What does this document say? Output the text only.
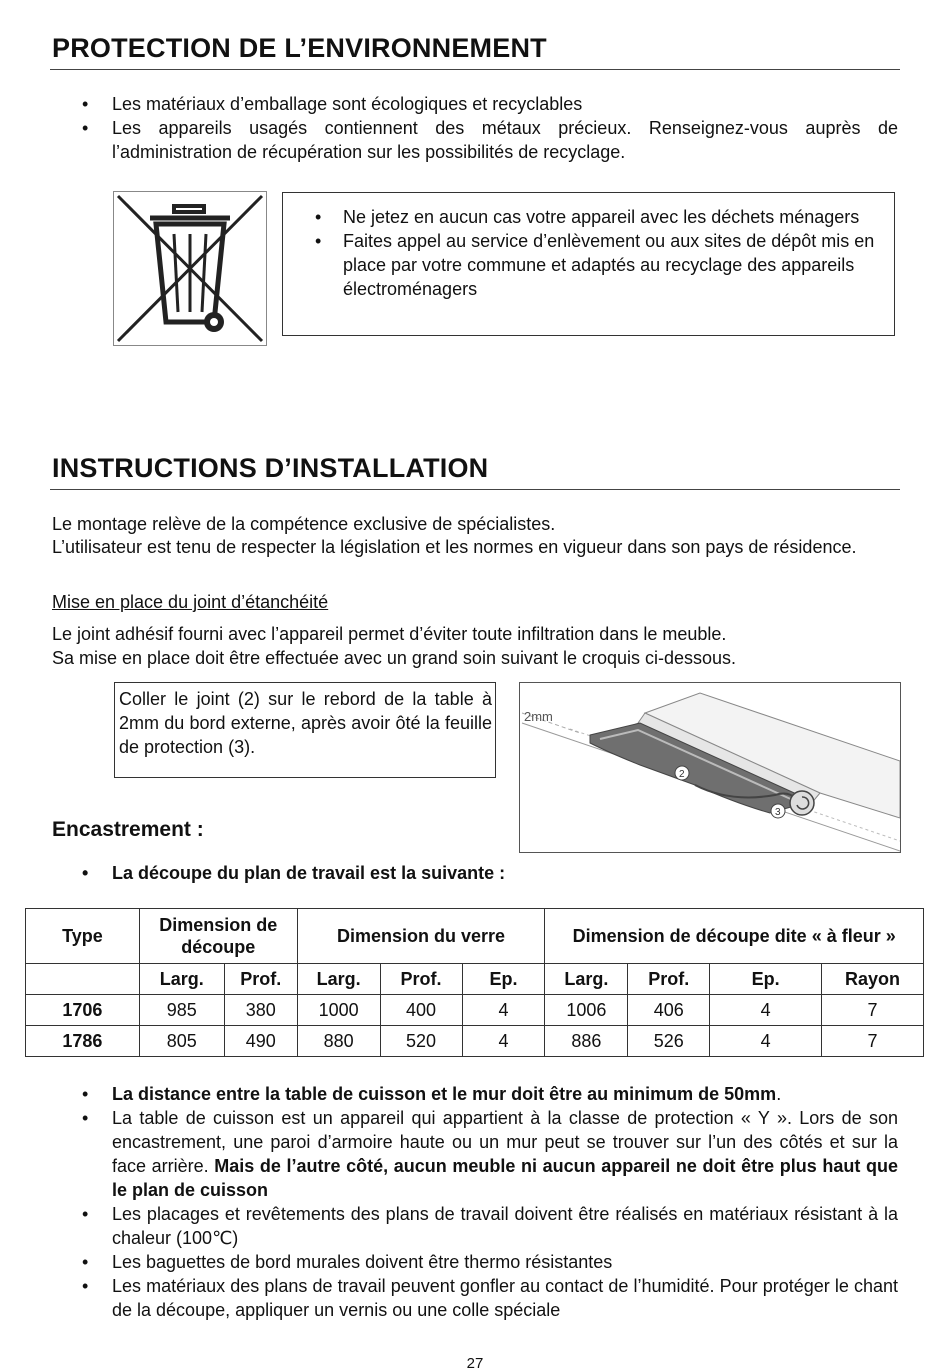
PROTECTION DE L’ENVIRONNEMENT
• Les matériaux d’emballage sont écologiques et recyclables
• Les appareils usagés contiennent des métaux précieux. Renseignez-vous auprès de l’administration de récupération sur les possibilités de recyclage.
• Ne jetez en aucun cas votre appareil avec les déchets ménagers
• Faites appel au service d’enlèvement ou aux sites de dépôt mis en place par votre commune et adaptés au recyclage des appareils électroménagers
INSTRUCTIONS D’INSTALLATION

Le montage relève de la compétence exclusive de spécialistes.

L’utilisateur est tenu de respecter la législation et les normes en vigueur dans son pays de résidence.

Mise en place du joint d’étanchéité

Le joint adhésif fourni avec l’appareil permet d’éviter toute infiltration dans le meuble.

Sa mise en place doit être effectuée avec un grand soin suivant le croquis ci-dessous.

Coller le joint (2) sur le rebord de la table à 2mm du bord externe, après avoir ôté la feuille de protection (3).
2
3
2mm

Encastrement :

• La découpe du plan de travail est la suivante :
Type	Dimension de découpe		Dimension du verre			Dimension de découpe dite « à fleur »			
	Larg.	Prof.	Larg.	Prof.	Ep.	Larg.	Prof.	Ep.	Rayon
1706	985	380	1000	400	4	1006	406	4	7
1786	805	490	880	520	4	886	526	4	7
• La distance entre la table de cuisson et le mur doit être au minimum de 50mm.
• La table de cuisson est un appareil qui appartient à la classe de protection « Y ». Lors de son encastrement, une paroi d’armoire haute ou un mur peut se trouver sur l’un des côtés et sur la face arrière. Mais de l’autre côté, aucun meuble ni aucun appareil ne doit être plus haut que le plan de cuisson
• Les placages et revêtements des plans de travail doivent être réalisés en matériaux résistant à la chaleur (100℃)
• Les baguettes de bord murales doivent être thermo résistantes
• Les matériaux des plans de travail peuvent gonfler au contact de l’humidité. Pour protéger le chant de la découpe, appliquer un vernis ou une colle spéciale
27
